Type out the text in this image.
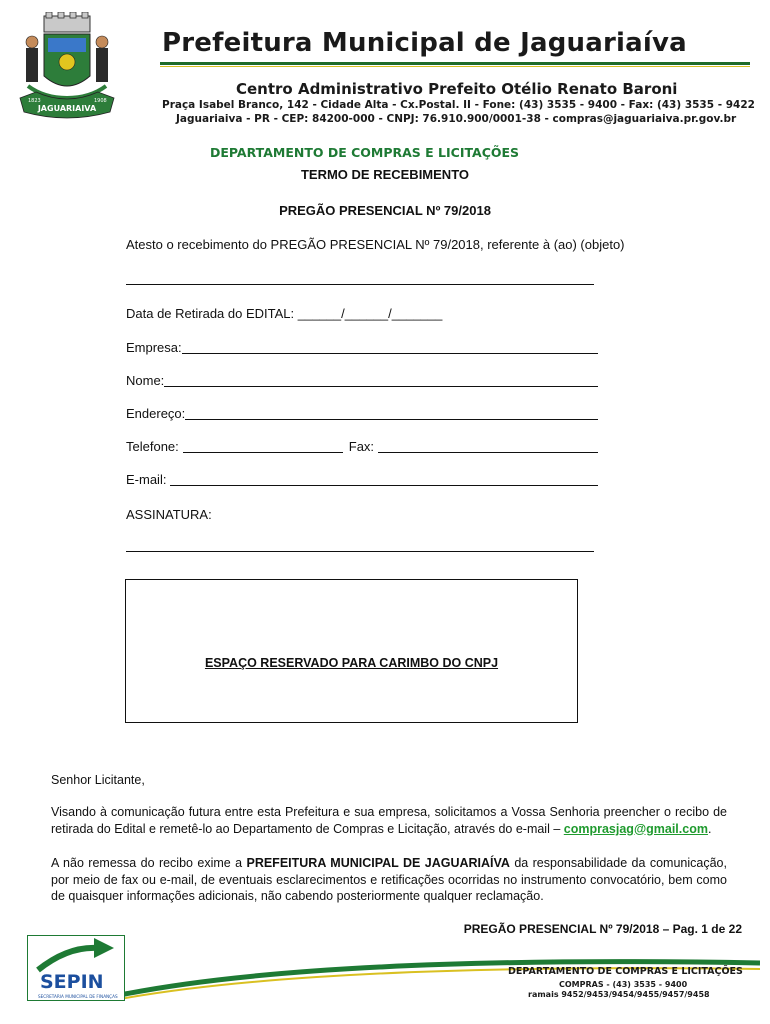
JAGUARIAIVA
1823	1908
Prefeitura Municipal de Jaguariaíva
Centro Administrativo Prefeito Otélio Renato Baroni
Praça Isabel Branco, 142 - Cidade Alta - Cx.Postal. II - Fone: (43) 3535 - 9400 - Fax: (43) 3535 - 9422
Jaguariaiva - PR - CEP: 84200-000 - CNPJ: 76.910.900/0001-38 - compras@jaguariaiva.pr.gov.br
DEPARTAMENTO DE COMPRAS E LICITAÇÕES
TERMO DE RECEBIMENTO
PREGÃO PRESENCIAL Nº 79/2018
Atesto o recebimento do PREGÃO PRESENCIAL Nº 79/2018, referente à (ao) (objeto)
Data de Retirada do EDITAL: ______/______/_______
Empresa:
Nome:
Endereço:
Telefone:	Fax:
E-mail:
ASSINATURA:
ESPAÇO RESERVADO PARA CARIMBO DO CNPJ
Senhor Licitante,
Visando à comunicação futura entre esta Prefeitura e sua empresa, solicitamos a Vossa Senhoria preencher o recibo de retirada do Edital e remetê-lo ao Departamento de Compras e Licitação, através do e-mail – comprasjag@gmail.com.
A não remessa do recibo exime a PREFEITURA MUNICIPAL DE JAGUARIAÍVA da responsabilidade da comunicação, por meio de fax ou e-mail, de eventuais esclarecimentos e retificações ocorridas no instrumento convocatório, bem como de quaisquer informações adicionais, não cabendo posteriormente qualquer reclamação.
PREGÃO PRESENCIAL Nº 79/2018 – Pag. 1 de 22
SEPIN
SECRETARIA MUNICIPAL DE FINANÇAS
DEPARTAMENTO DE COMPRAS E LICITAÇÕES
COMPRAS - (43) 3535 - 9400
ramais 9452/9453/9454/9455/9457/9458
